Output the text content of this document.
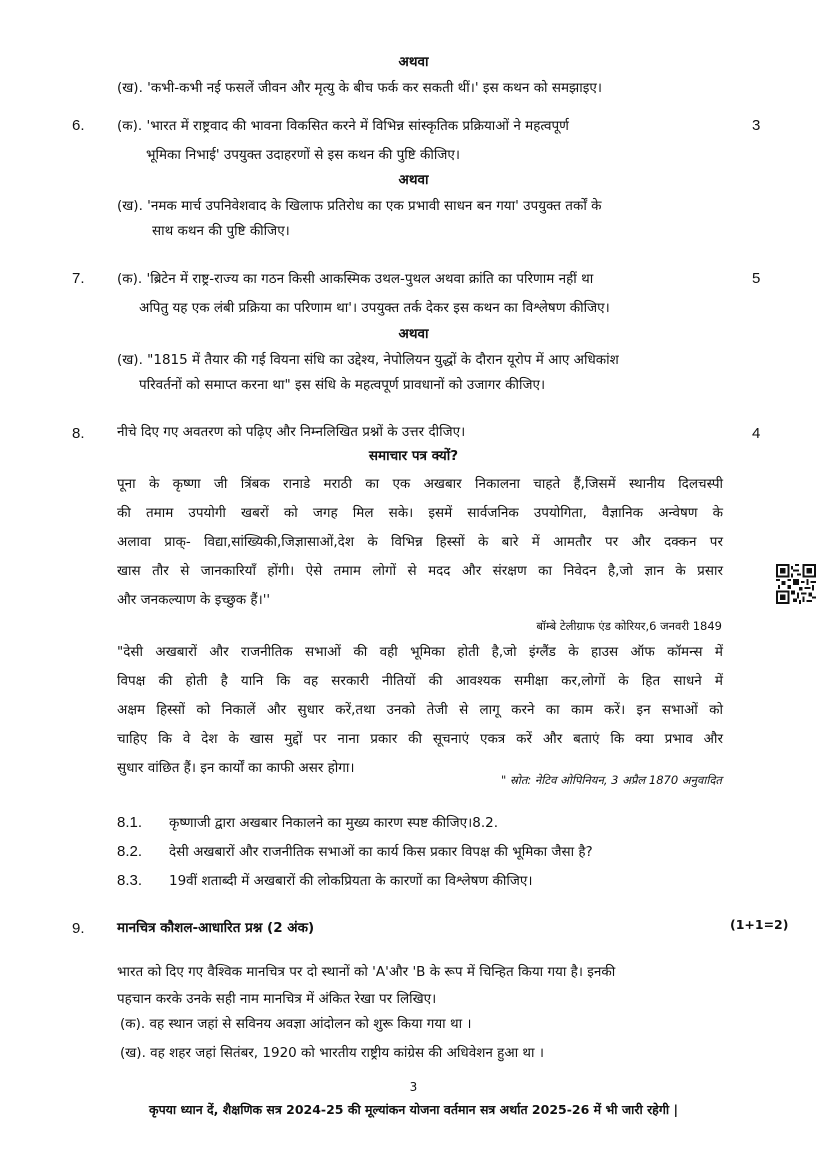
अथवा
(ख). 'कभी-कभी नई फसलें जीवन और मृत्यु के बीच फर्क कर सकती थीं।' इस कथन को समझाइए।
6.	3
(क). 'भारत में राष्ट्रवाद की भावना विकसित करने में विभिन्न सांस्कृतिक प्रक्रियाओं ने महत्वपूर्ण
भूमिका निभाई' उपयुक्त उदाहरणों से इस कथन की पुष्टि कीजिए।
अथवा
(ख). 'नमक मार्च उपनिवेशवाद के खिलाफ प्रतिरोध का एक प्रभावी साधन बन गया' उपयुक्त तर्कों के
साथ कथन की पुष्टि कीजिए।
7.	5
(क). 'ब्रिटेन में राष्ट्र-राज्य का गठन किसी आकस्मिक उथल-पुथल अथवा क्रांति का परिणाम नहीं था
अपितु यह एक लंबी प्रक्रिया का परिणाम था'। उपयुक्त तर्क देकर इस कथन का विश्लेषण कीजिए।
अथवा
(ख). "1815 में तैयार की गई वियना संधि का उद्देश्य, नेपोलियन युद्धों के दौरान यूरोप में आए अधिकांश
परिवर्तनों को समाप्त करना था" इस संधि के महत्वपूर्ण प्रावधानों को उजागर कीजिए।
8.	4
नीचे दिए गए अवतरण को पढ़िए और निम्नलिखित प्रश्नों के उत्तर दीजिए।
समाचार पत्र क्यों?
पूना के कृष्णा जी त्रिंबक रानाडे मराठी का एक अखबार निकालना चाहते हैं,जिसमें स्थानीय दिलचस्पी
की तमाम उपयोगी खबरों को जगह मिल सके। इसमें सार्वजनिक उपयोगिता, वैज्ञानिक अन्वेषण के
अलावा प्राक्- विद्या,सांख्यिकी,जिज्ञासाओं,देश के विभिन्न हिस्सों के बारे में आमतौर पर और दक्कन पर
खास तौर से जानकारियाँ होंगी। ऐसे तमाम लोगों से मदद और संरक्षण का निवेदन है,जो ज्ञान के प्रसार
और जनकल्याण के इच्छुक हैं।''
बॉम्बे टेलीग्राफ एंड कोरियर,6 जनवरी 1849
"देसी अखबारों और राजनीतिक सभाओं की वही भूमिका होती है,जो इंग्लैंड के हाउस ऑफ कॉमन्स में
विपक्ष की होती है यानि कि वह सरकारी नीतियों की आवश्यक समीक्षा कर,लोगों के हित साधने में
अक्षम हिस्सों को निकालें और सुधार करें,तथा उनको तेजी से लागू करने का काम करें। इन सभाओं को
चाहिए कि वे देश के खास मुद्दों पर नाना प्रकार की सूचनाएं एकत्र करें और बताएं कि क्या प्रभाव और
सुधार वांछित हैं। इन कार्यों का काफी असर होगा।
" स्रोत: नेटिव ओपिनियन, 3 अप्रैल 1870 अनुवादित
8.1. कृष्णाजी द्वारा अखबार निकालने का मुख्य कारण स्पष्ट कीजिए।8.2.
8.2. देसी अखबारों और राजनीतिक सभाओं का कार्य किस प्रकार विपक्ष की भूमिका जैसा है?
8.3. 19वीं शताब्दी में अखबारों की लोकप्रियता के कारणों का विश्लेषण कीजिए।
9. मानचित्र कौशल-आधारित प्रश्न (2 अंक)	(1+1=2)
भारत को दिए गए वैश्विक मानचित्र पर दो स्थानों को 'A'और 'B के रूप में चिन्हित किया गया है। इनकी
पहचान करके उनके सही नाम मानचित्र में अंकित रेखा पर लिखिए।
(क). वह स्थान जहां से सविनय अवज्ञा आंदोलन को शुरू किया गया था ।
(ख). वह शहर जहां सितंबर, 1920 को भारतीय राष्ट्रीय कांग्रेस की अधिवेशन हुआ था ।
3
कृपया ध्यान दें, शैक्षणिक सत्र 2024-25 की मूल्यांकन योजना वर्तमान सत्र अर्थात 2025-26 में भी जारी रहेगी |
